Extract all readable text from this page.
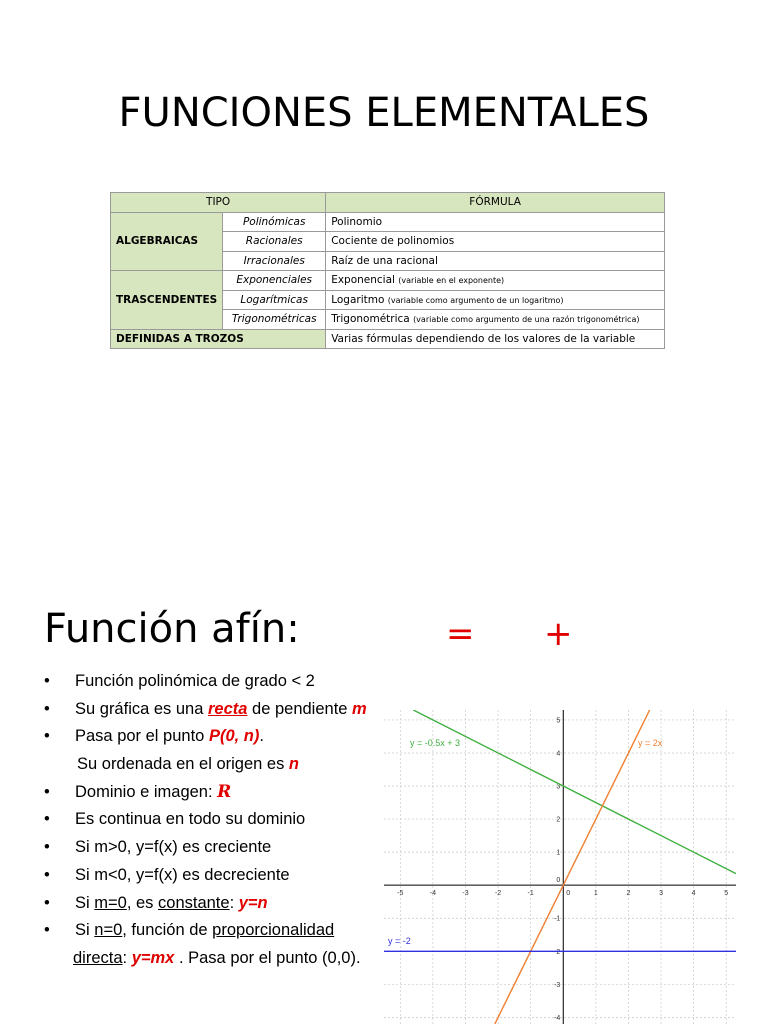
FUNCIONES ELEMENTALES
TIPO		FÓRMULA
ALGEBRAICAS	Polinómicas	Polinomio
	Racionales	Cociente de polinomios
	Irracionales	Raíz de una racional
TRASCENDENTES	Exponenciales	Exponencial (variable en el exponente)
	Logarítmicas	Logaritmo (variable como argumento de un logaritmo)
	Trigonométricas	Trigonométrica (variable como argumento de una razón trigonométrica)
DEFINIDAS A TROZOS		Varias fórmulas dependiendo de los valores de la variable
Función afín:	= +
• Función polinómica de grado < 2
• Su gráfica es una recta de pendiente m
• Pasa por el punto P(0, n).
Su ordenada en el origen es n
• Dominio e imagen: R
• Es continua en todo su dominio
• Si m>0, y=f(x) es creciente
• Si m<0, y=f(x) es decreciente
• Si m=0, es constante: y=n
• Si n=0, función de proporcionalidad
directa: y=mx . Pasa por el punto (0,0).
-5	-4	-3	-2	-1	0	1	2	3	4	5
5
4
3
2
1
-1
-2
-3
-4
0
y = -0.5x + 3	y = 2x
y = -2
